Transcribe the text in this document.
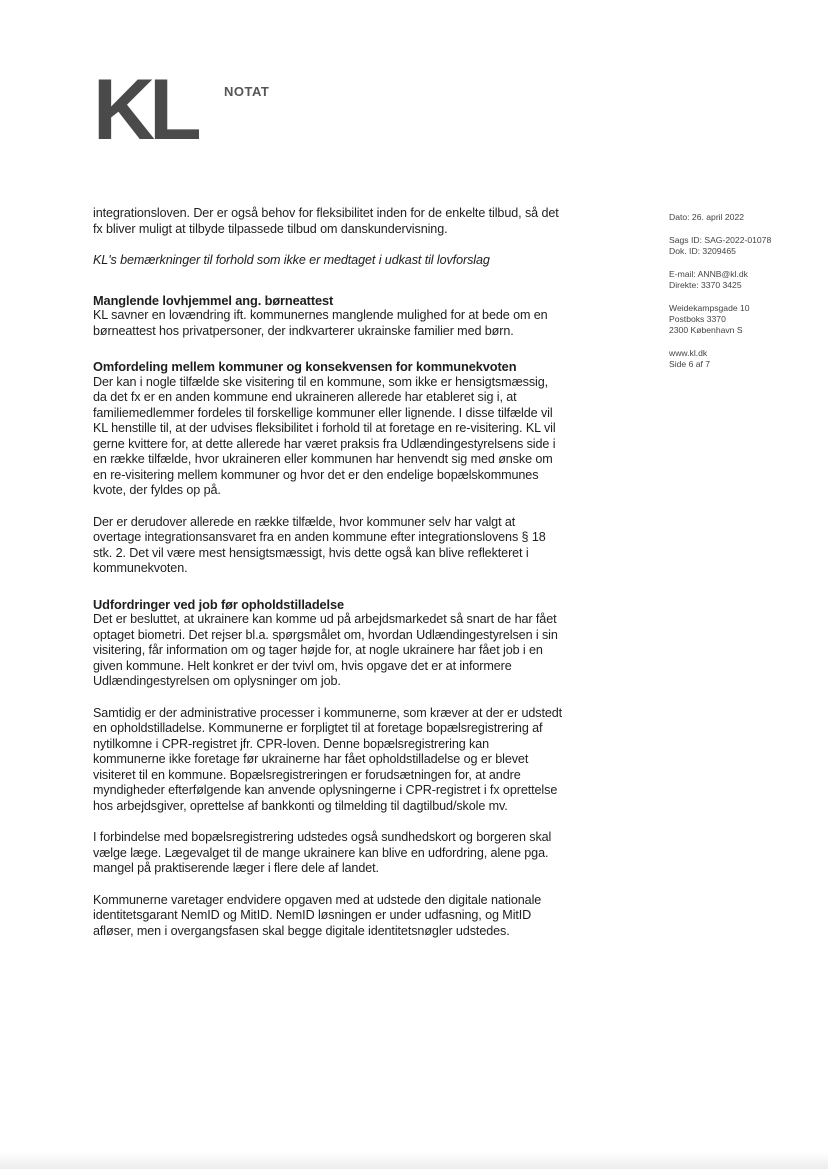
KL NOTAT

integrationsloven. Der er også behov for fleksibilitet inden for de enkelte tilbud, så det fx bliver muligt at tilbyde tilpassede tilbud om danskundervisning.

KL's bemærkninger til forhold som ikke er medtaget i udkast til lovforslag

Manglende lovhjemmel ang. børneattest

KL savner en lovændring ift. kommunernes manglende mulighed for at bede om en børneattest hos privatpersoner, der indkvarterer ukrainske familier med børn.

Omfordeling mellem kommuner og konsekvensen for kommunekvoten

Der kan i nogle tilfælde ske visitering til en kommune, som ikke er hensigtsmæssig, da det fx er en anden kommune end ukraineren allerede har etableret sig i, at familiemedlemmer fordeles til forskellige kommuner eller lignende. I disse tilfælde vil KL henstille til, at der udvises fleksibilitet i forhold til at foretage en re-visitering. KL vil gerne kvittere for, at dette allerede har været praksis fra Udlændingestyrelsens side i en række tilfælde, hvor ukraineren eller kommunen har henvendt sig med ønske om en re-visitering mellem kommuner og hvor det er den endelige bopælskommunes kvote, der fyldes op på.

Der er derudover allerede en række tilfælde, hvor kommuner selv har valgt at overtage integrationsansvaret fra en anden kommune efter integrationslovens § 18 stk. 2. Det vil være mest hensigtsmæssigt, hvis dette også kan blive reflekteret i kommunekvoten.

Udfordringer ved job før opholdstilladelse

Det er besluttet, at ukrainere kan komme ud på arbejdsmarkedet så snart de har fået optaget biometri. Det rejser bl.a. spørgsmålet om, hvordan Udlændingestyrelsen i sin visitering, får information om og tager højde for, at nogle ukrainere har fået job i en given kommune. Helt konkret er der tvivl om, hvis opgave det er at informere Udlændingestyrelsen om oplysninger om job.

Samtidig er der administrative processer i kommunerne, som kræver at der er udstedt en opholdstilladelse. Kommunerne er forpligtet til at foretage bopælsregistrering af nytilkomne i CPR-registret jfr. CPR-loven. Denne bopælsregistrering kan kommunerne ikke foretage før ukrainerne har fået opholdstilladelse og er blevet visiteret til en kommune. Bopælsregistreringen er forudsætningen for, at andre myndigheder efterfølgende kan anvende oplysningerne i CPR-registret i fx oprettelse hos arbejdsgiver, oprettelse af bankkonti og tilmelding til dagtilbud/skole mv.

I forbindelse med bopælsregistrering udstedes også sundhedskort og borgeren skal vælge læge. Lægevalget til de mange ukrainere kan blive en udfordring, alene pga. mangel på praktiserende læger i flere dele af landet.

Kommunerne varetager endvidere opgaven med at udstede den digitale nationale identitetsgarant NemID og MitID. NemID løsningen er under udfasning, og MitID afløser, men i overgangsfasen skal begge digitale identitetsnøgler udstedes.

Dato: 26. april 2022
Sags ID: SAG-2022-01078
Dok. ID: 3209465
E-mail: ANNB@kl.dk
Direkte: 3370 3425
Weidekampsgade 10
Postboks 3370
2300 København S
www.kl.dk
Side 6 af 7
